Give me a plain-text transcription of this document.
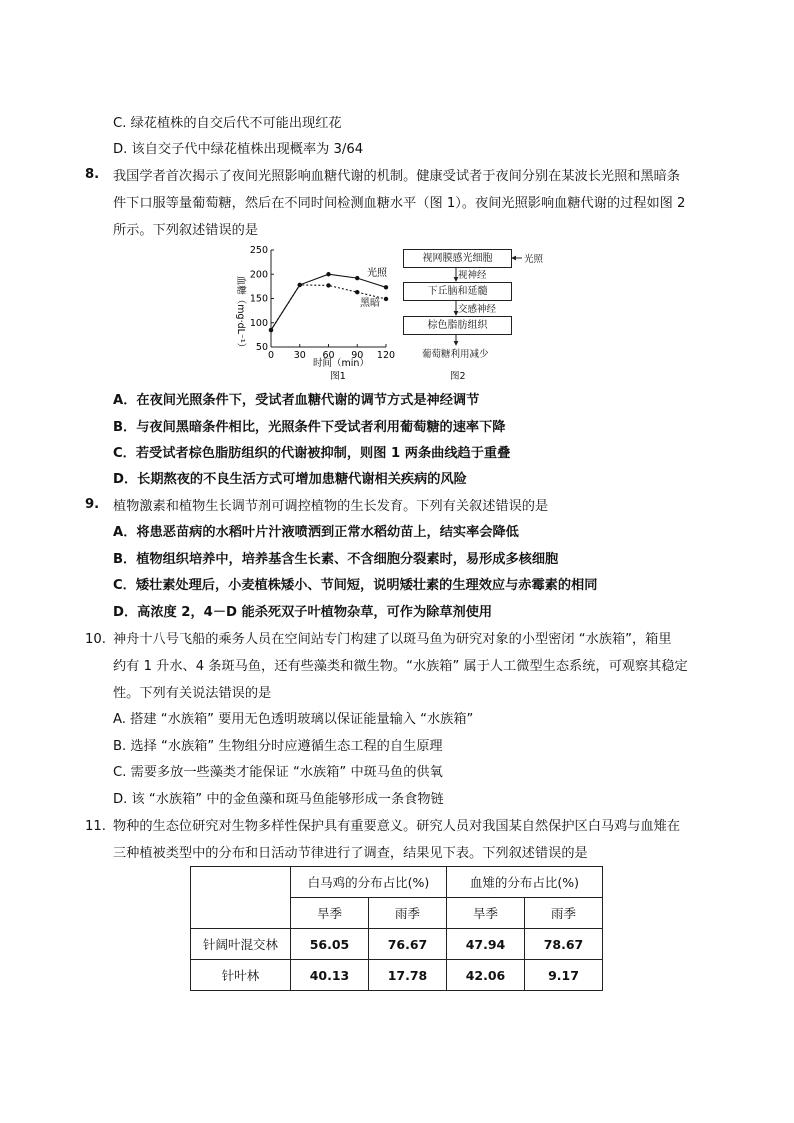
C. 绿花植株的自交后代不可能出现红花
D. 该自交子代中绿花植株出现概率为 3/64
8. 我国学者首次揭示了夜间光照影响血糖代谢的机制。健康受试者于夜间分别在某波长光照和黑暗条
件下口服等量葡萄糖，然后在不同时间检测血糖水平（图 1）。夜间光照影响血糖代谢的过程如图 2
所示。下列叙述错误的是
50
100
150
200
250
0 30 60 90 120
血糖（mg·dL⁻¹）
时间（min）
光照
黑暗
图1
视网膜感光细胞	光照
视神经
下丘脑和延髓
交感神经
棕色脂肪组织
葡萄糖利用减少
图2
A．在夜间光照条件下，受试者血糖代谢的调节方式是神经调节
B．与夜间黑暗条件相比，光照条件下受试者利用葡萄糖的速率下降
C．若受试者棕色脂肪组织的代谢被抑制，则图 1 两条曲线趋于重叠
D．长期熬夜的不良生活方式可增加患糖代谢相关疾病的风险
9. 植物激素和植物生长调节剂可调控植物的生长发育。下列有关叙述错误的是
A．将患恶苗病的水稻叶片汁液喷洒到正常水稻幼苗上，结实率会降低
B．植物组织培养中，培养基含生长素、不含细胞分裂素时，易形成多核细胞
C．矮壮素处理后，小麦植株矮小、节间短，说明矮壮素的生理效应与赤霉素的相同
D．高浓度 2，4－D 能杀死双子叶植物杂草，可作为除草剂使用
10. 神舟十八号飞船的乘务人员在空间站专门构建了以斑马鱼为研究对象的小型密闭 “水族箱”，箱里
约有 1 升水、4 条斑马鱼，还有些藻类和微生物。“水族箱” 属于人工微型生态系统，可观察其稳定
性。下列有关说法错误的是
A. 搭建 “水族箱” 要用无色透明玻璃以保证能量输入 “水族箱”
B. 选择 “水族箱” 生物组分时应遵循生态工程的自生原理
C. 需要多放一些藻类才能保证 “水族箱” 中斑马鱼的供氧
D. 该 “水族箱” 中的金鱼藻和斑马鱼能够形成一条食物链
11. 物种的生态位研究对生物多样性保护具有重要意义。研究人员对我国某自然保护区白马鸡与血雉在
三种植被类型中的分布和日活动节律进行了调查，结果见下表。下列叙述错误的是
	白马鸡的分布占比(%)		血雉的分布占比(%)	
	旱季	雨季	旱季	雨季
针阔叶混交林	56.05	76.67	47.94	78.67
针叶林	40.13	17.78	42.06	9.17
